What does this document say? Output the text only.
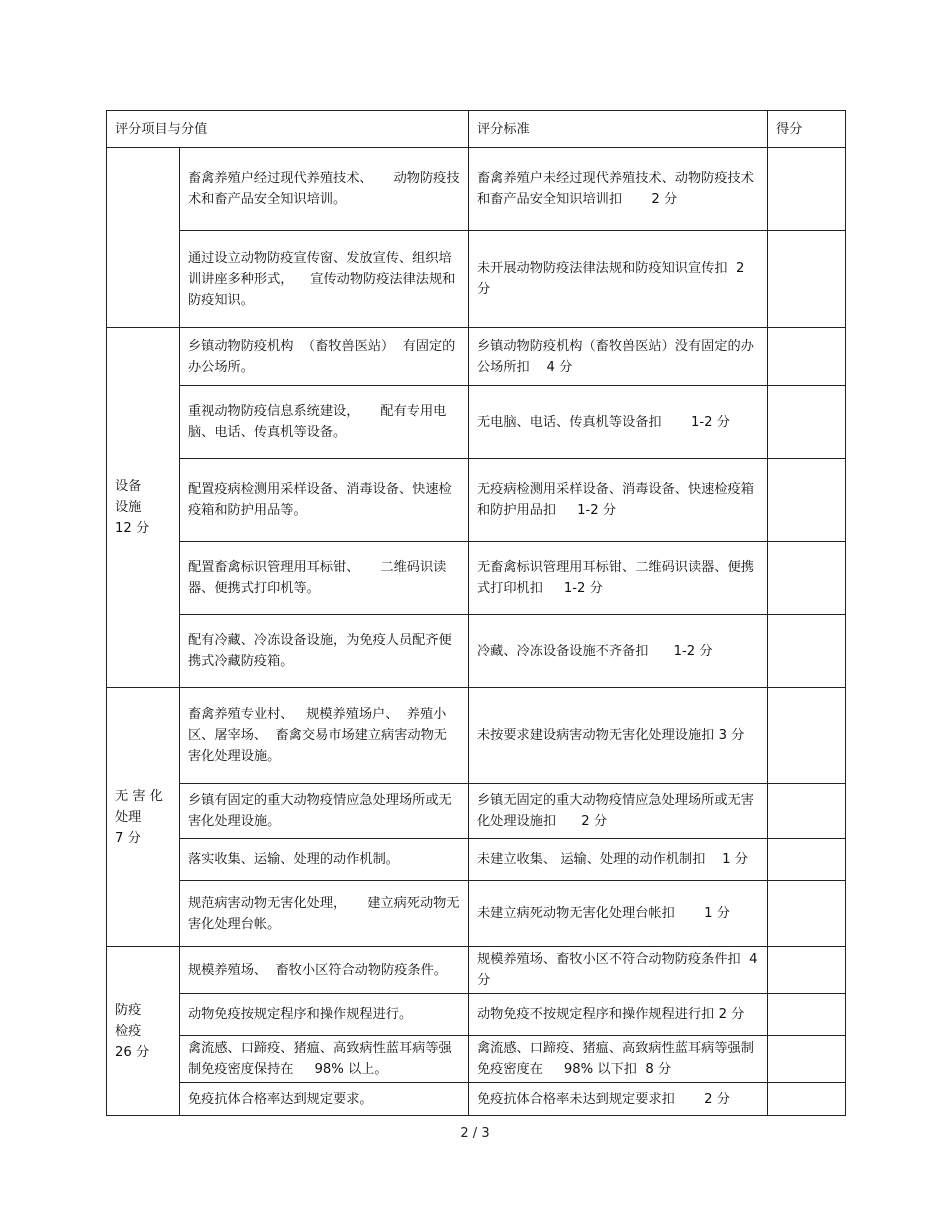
评分项目与分值		评分标准	得分
	畜禽养殖户经过现代养殖技术、     动物防疫技术和畜产品安全知识培训。	畜禽养殖户未经过现代养殖技术、动物防疫技术和畜产品安全知识培训扣       2 分	
	通过设立动物防疫宣传窗、发放宣传、组织培训讲座多种形式，    宣传动物防疫法律法规和防疫知识。	未开展动物防疫法律法规和防疫知识宣传扣  2 分	
设备
设施
12 分	乡镇动物防疫机构  （畜牧兽医站）  有固定的办公场所。	乡镇动物防疫机构（畜牧兽医站）没有固定的办公场所扣    4 分	
	重视动物防疫信息系统建设，     配有专用电脑、电话、传真机等设备。	无电脑、电话、传真机等设备扣       1-2 分	
	配置疫病检测用采样设备、消毒设备、快速检疫箱和防护用品等。	无疫病检测用采样设备、消毒设备、快速检疫箱和防护用品扣     1-2 分	
	配置畜禽标识管理用耳标钳、     二维码识读器、便携式打印机等。	无畜禽标识管理用耳标钳、二维码识读器、便携式打印机扣     1-2 分	
	配有冷藏、冷冻设备设施，为免疫人员配齐便携式冷藏防疫箱。	冷藏、冷冻设备设施不齐备扣      1-2 分	
无 害 化
处理
7 分	畜禽养殖专业村、   规模养殖场户、  养殖小区、屠宰场、  畜禽交易市场建立病害动物无害化处理设施。	未按要求建设病害动物无害化处理设施扣 3 分	
	乡镇有固定的重大动物疫情应急处理场所或无害化处理设施。	乡镇无固定的重大动物疫情应急处理场所或无害化处理设施扣      2 分	
	落实收集、运输、处理的动作机制。	未建立收集、 运输、处理的动作机制扣    1 分	
	规范病害动物无害化处理，     建立病死动物无害化处理台帐。	未建立病死动物无害化处理台帐扣       1 分	
防疫
检疫
26 分	规模养殖场、  畜牧小区符合动物防疫条件。	规模养殖场、畜牧小区不符合动物防疫条件扣  4 分	
	动物免疫按规定程序和操作规程进行。	动物免疫不按规定程序和操作规程进行扣 2 分	
	禽流感、口蹄疫、猪瘟、高致病性蓝耳病等强制免疫密度保持在     98% 以上。	禽流感、口蹄疫、猪瘟、高致病性蓝耳病等强制免疫密度在     98% 以下扣  8 分	
	免疫抗体合格率达到规定要求。	免疫抗体合格率未达到规定要求扣       2 分	
2 / 3
